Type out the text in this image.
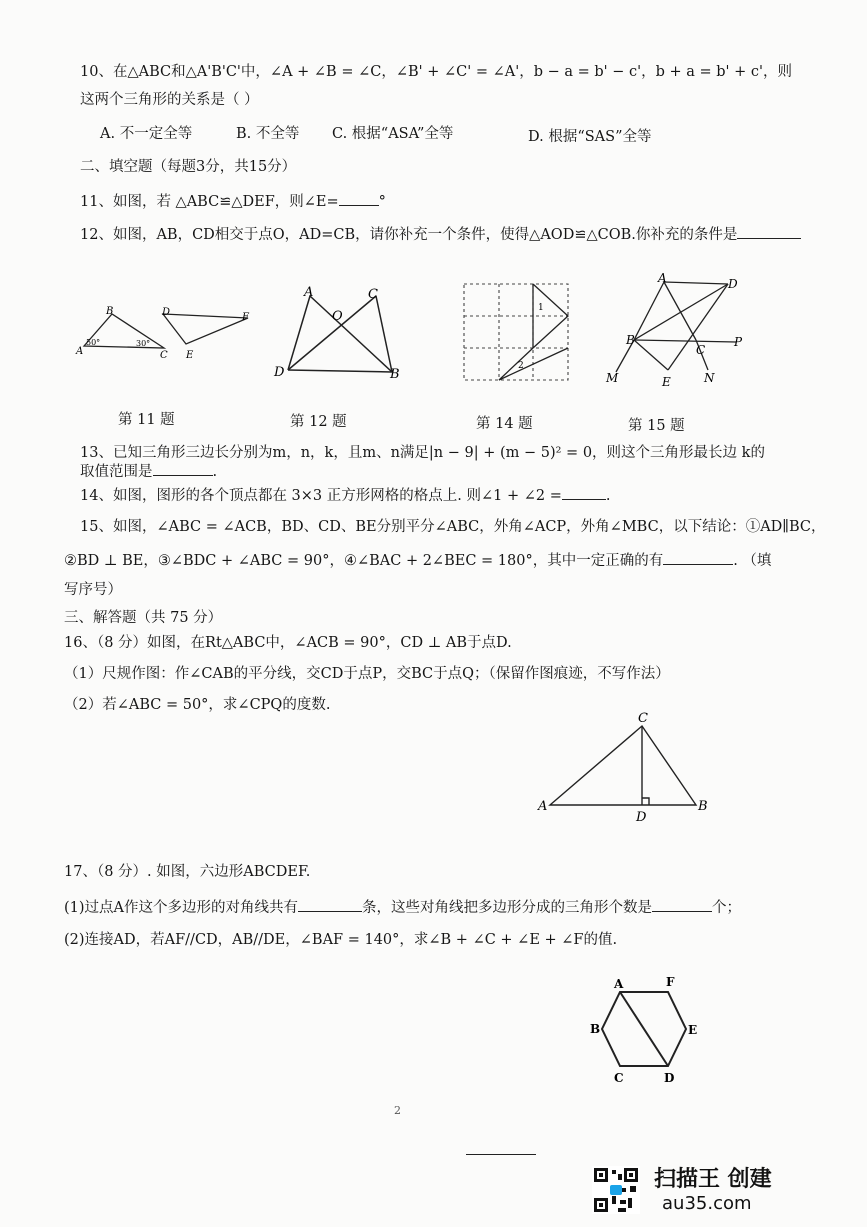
10、在△ABC和△A'B'C'中，∠A + ∠B = ∠C，∠B' + ∠C' = ∠A'，b − a = b' − c'，b + a = b' + c'，则
这两个三角形的关系是（ ）
A. 不一定全等	B. 不全等 C. 根据“ASA”全等	D. 根据“SAS”全等
二、填空题（每题3分，共15分）
11、如图，若 △ABC≌△DEF，则∠E=	°
12、如图，AB，CD相交于点O，AD=CB，请你补充一个条件，使得△AOD≌△COB.你补充的条件是
B
A
50°	30°
C
D	F
E
第 11 题
A	C
O
D	B
第 12 题
1
2
第 14 题
A	D
B
C
P
M	E	N
第 15 题
13、已知三角形三边长分别为m，n，k，且m、n满足|n − 9| + (m − 5)² = 0，则这个三角形最长边 k的
取值范围是	.
14、如图，图形的各个顶点都在 3×3 正方形网格的格点上. 则∠1 + ∠2 =	.
15、如图，∠ABC = ∠ACB，BD、CD、BE分别平分∠ABC，外角∠ACP，外角∠MBC，以下结论：①AD∥BC，
②BD ⊥ BE，③∠BDC + ∠ABC = 90°，④∠BAC + 2∠BEC = 180°，其中一定正确的有	. （填
写序号）
三、解答题（共 75 分）
16、（8 分）如图，在Rt△ABC中，∠ACB = 90°，CD ⊥ AB于点D.
（1）尺规作图：作∠CAB的平分线，交CD于点P，交BC于点Q；（保留作图痕迹，不写作法）
（2）若∠ABC = 50°，求∠CPQ的度数.
C
A
D
B
17、（8 分）. 如图，六边形ABCDEF.
(1)过点A作这个多边形的对角线共有	条，这些对角线把多边形分成的三角形个数是	个；
(2)连接AD，若AF//CD，AB//DE，∠BAF = 140°，求∠B + ∠C + ∠E + ∠F的值.
A	F
B	E
C	D
2
扫描王 创建
au35.com
